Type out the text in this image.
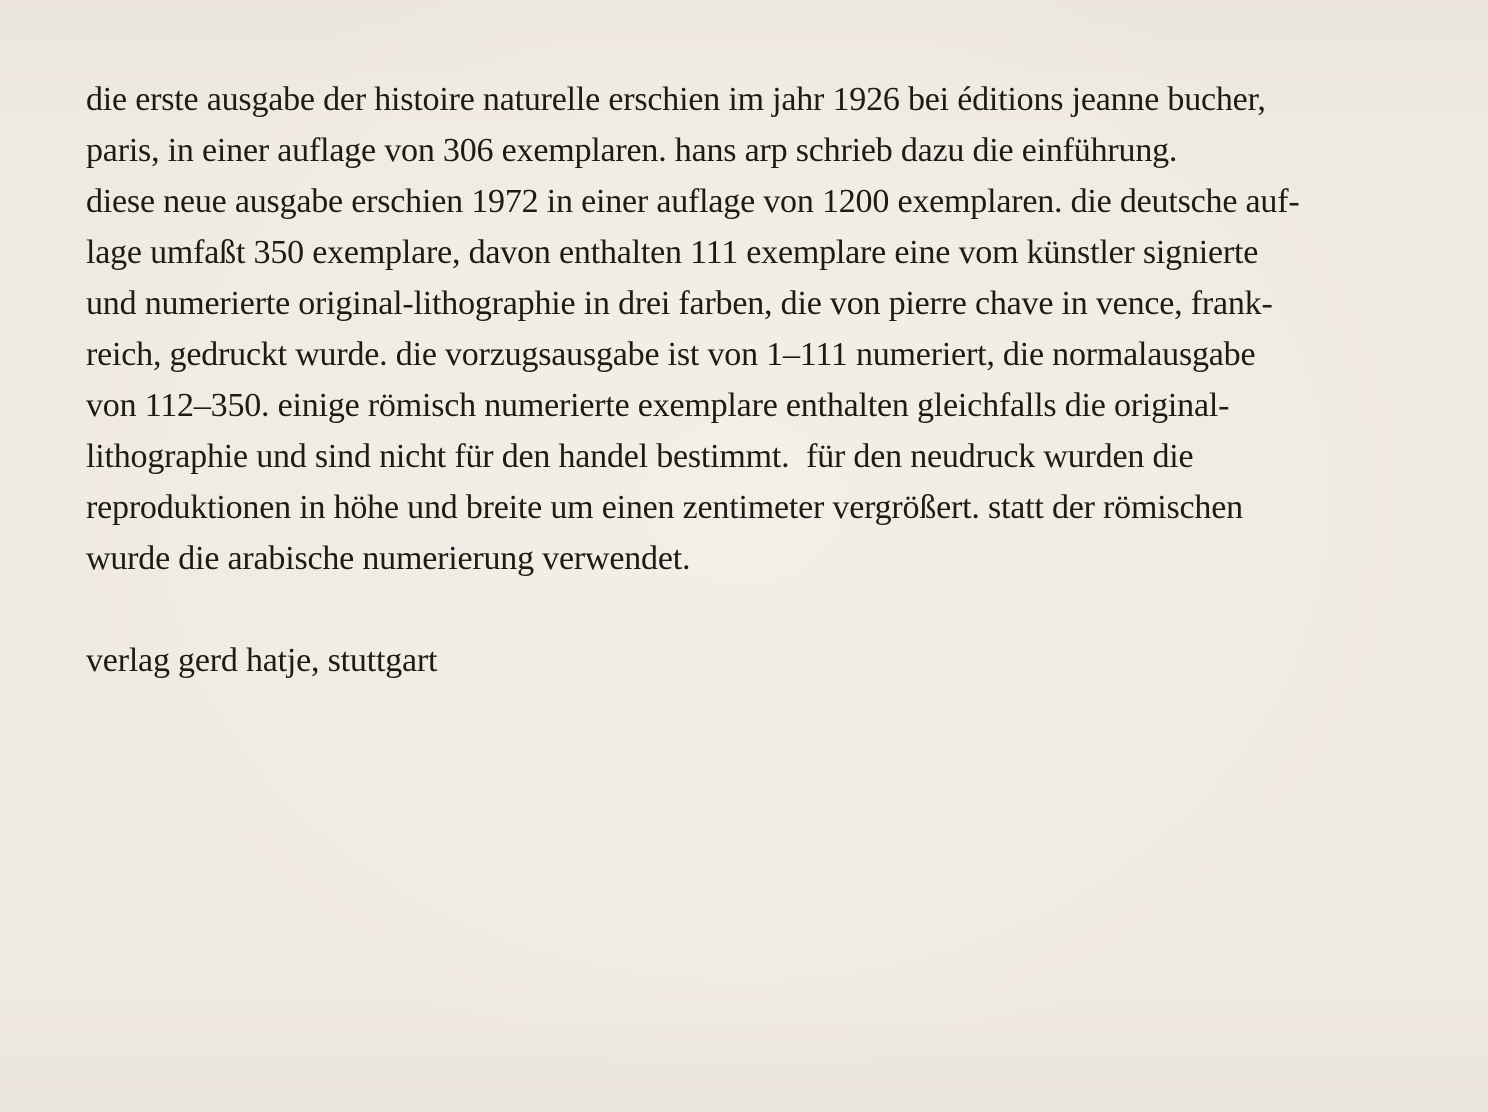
die erste ausgabe der histoire naturelle erschien im jahr 1926 bei éditions jeanne bucher,
paris, in einer auflage von 306 exemplaren. hans arp schrieb dazu die einführung.
diese neue ausgabe erschien 1972 in einer auflage von 1200 exemplaren. die deutsche auf-
lage umfaßt 350 exemplare, davon enthalten 111 exemplare eine vom künstler signierte
und numerierte original-lithographie in drei farben, die von pierre chave in vence, frank-
reich, gedruckt wurde. die vorzugsausgabe ist von 1–111 numeriert, die normalausgabe
von 112–350. einige römisch numerierte exemplare enthalten gleichfalls die original-
lithographie und sind nicht für den handel bestimmt.  für den neudruck wurden die
reproduktionen in höhe und breite um einen zentimeter vergrößert. statt der römischen
wurde die arabische numerierung verwendet.
verlag gerd hatje, stuttgart
